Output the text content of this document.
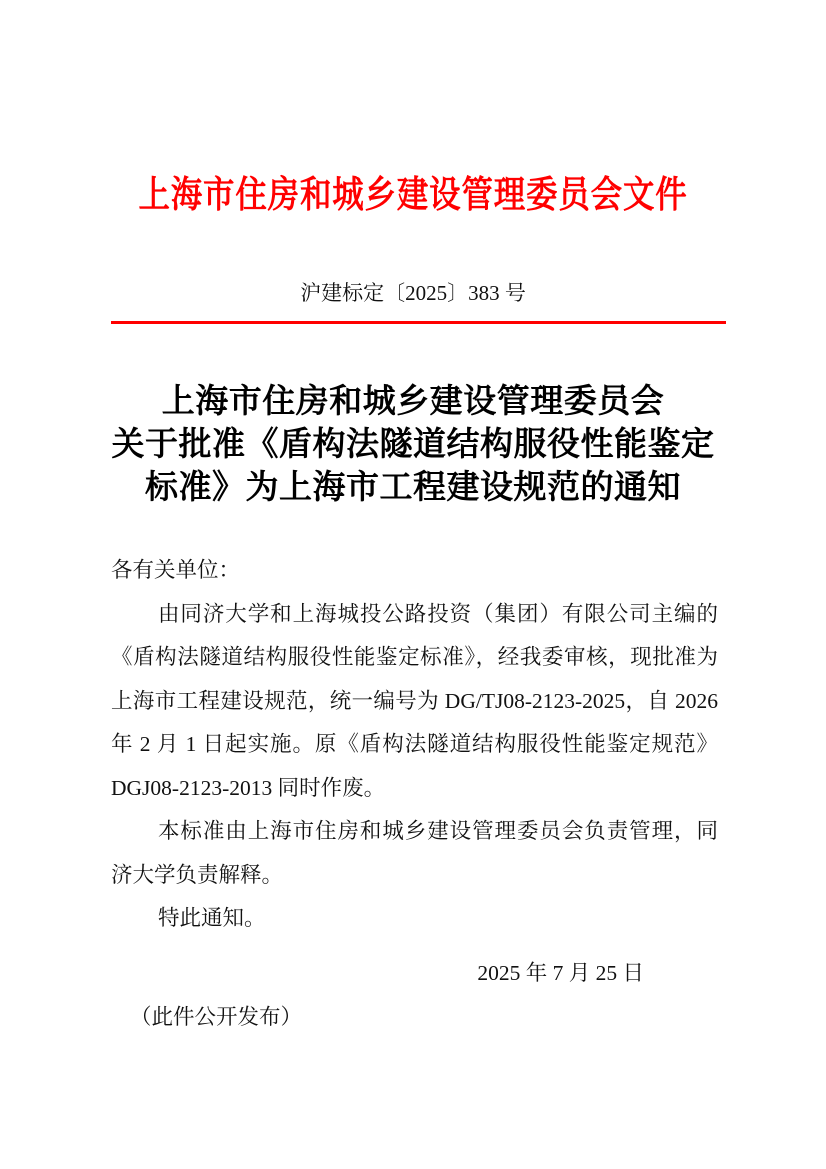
上海市住房和城乡建设管理委员会文件
沪建标定〔2025〕383 号
上海市住房和城乡建设管理委员会
关于批准《盾构法隧道结构服役性能鉴定
标准》为上海市工程建设规范的通知
各有关单位：
由同济大学和上海城投公路投资（集团）有限公司主编的
《盾构法隧道结构服役性能鉴定标准》，经我委审核，现批准为
上海市工程建设规范，统一编号为 DG/TJ08-2123-2025，自 2026
年 2 月 1 日起实施。原《盾构法隧道结构服役性能鉴定规范》
DGJ08-2123-2013 同时作废。
本标准由上海市住房和城乡建设管理委员会负责管理，同
济大学负责解释。
特此通知。
2025 年 7 月 25 日
（此件公开发布）
